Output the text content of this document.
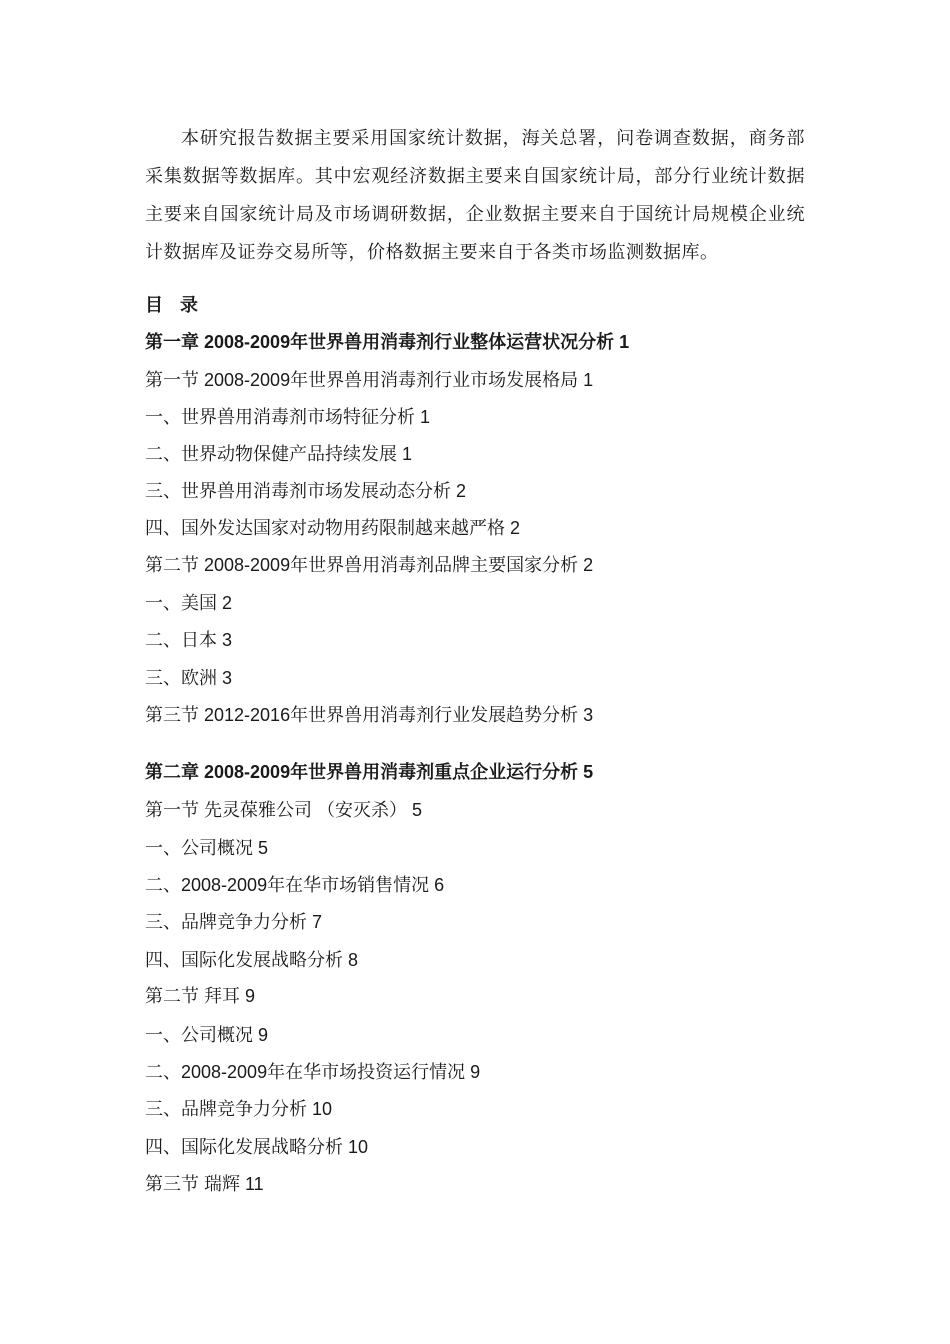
本研究报告数据主要采用国家统计数据，海关总署，问卷调查数据，商务部采集数据等数据库。其中宏观经济数据主要来自国家统计局，部分行业统计数据主要来自国家统计局及市场调研数据，企业数据主要来自于国统计局规模企业统计数据库及证券交易所等，价格数据主要来自于各类市场监测数据库。
目 录
第一章 2008-2009年世界兽用消毒剂行业整体运营状况分析 1
第一节 2008-2009年世界兽用消毒剂行业市场发展格局 1
一、世界兽用消毒剂市场特征分析 1
二、世界动物保健产品持续发展 1
三、世界兽用消毒剂市场发展动态分析 2
四、国外发达国家对动物用药限制越来越严格 2
第二节 2008-2009年世界兽用消毒剂品牌主要国家分析 2
一、美国 2
二、日本 3
三、欧洲 3
第三节 2012-2016年世界兽用消毒剂行业发展趋势分析 3
第二章 2008-2009年世界兽用消毒剂重点企业运行分析 5
第一节 先灵葆雅公司 （安灭杀） 5
一、公司概况 5
二、2008-2009年在华市场销售情况 6
三、品牌竞争力分析 7
四、国际化发展战略分析 8
第二节 拜耳 9
一、公司概况 9
二、2008-2009年在华市场投资运行情况 9
三、品牌竞争力分析 10
四、国际化发展战略分析 10
第三节 瑞辉 11
